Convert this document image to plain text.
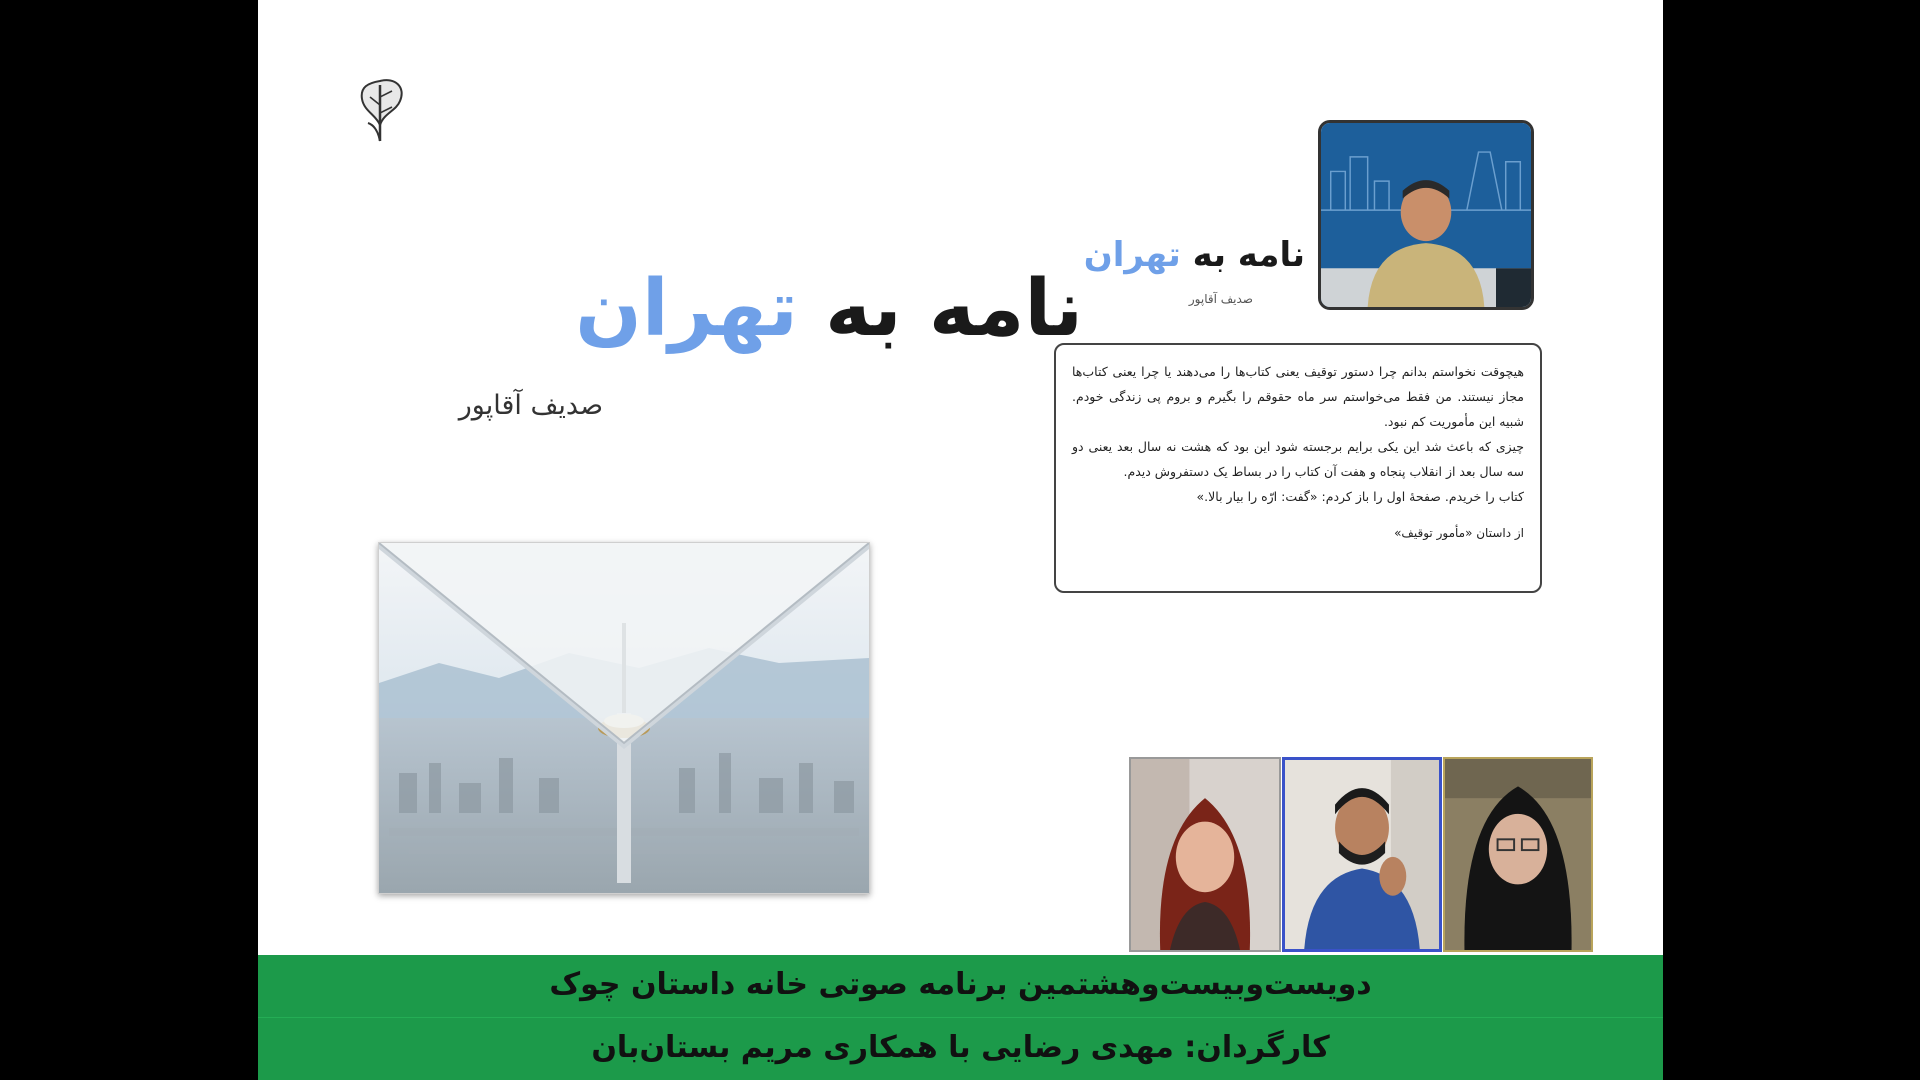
نامه به تهران
صدیف آقاپور
نامه به تهران
صدیف آقاپور

هیچوقت نخواستم بدانم چرا دستور توقیف یعنی کتاب‌ها را می‌دهند یا چرا یعنی کتاب‌ها مجاز نیستند. من فقط می‌خواستم سر ماه حقوقم را بگیرم و بروم پی زندگی خودم. شبیه این مأموریت کم نبود.

چیزی که باعث شد این یکی برایم برجسته شود این بود که هشت‌ نه سال بعد یعنی دو سه سال بعد از انقلاب پنجاه و هفت آن کتاب را در بساط یک دستفروش دیدم.

کتاب را خریدم. صفحهٔ اول را باز کردم: «گفت: ارّه را بیار بالا.»

از داستان «مأمور توقیف»

دویست‌وبیست‌وهشتمین برنامه صوتی خانه داستان چوک
کارگردان: مهدی رضایی با همکاری مریم بستان‌بان
